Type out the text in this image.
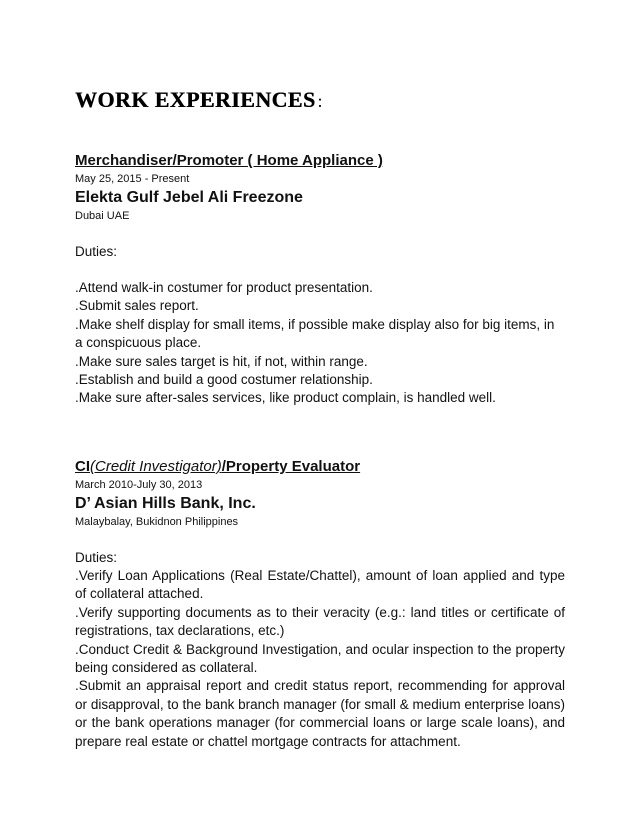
WORK EXPERIENCES :
Merchandiser/Promoter ( Home Appliance )
May 25, 2015 - Present
Elekta Gulf Jebel Ali Freezone
Dubai UAE
Duties:
.Attend walk-in costumer for product presentation.
.Submit sales report.
.Make shelf display for small items, if possible make display also for big items, in a conspicuous place.
.Make sure sales target is hit, if not, within range.
.Establish and build a good costumer relationship.
.Make sure after-sales services, like product complain, is handled well.
CI(Credit Investigator)/Property Evaluator
March 2010-July 30, 2013
D’ Asian Hills Bank, Inc.
Malaybalay, Bukidnon Philippines
Duties:
.Verify Loan Applications (Real Estate/Chattel), amount of loan applied and type of collateral attached.
.Verify supporting documents as to their veracity (e.g.: land titles or certificate of registrations, tax declarations, etc.)
.Conduct Credit & Background Investigation, and ocular inspection to the property being considered as collateral.
.Submit an appraisal report and credit status report, recommending for approval or disapproval, to the bank branch manager (for small & medium enterprise loans) or the bank operations manager (for commercial loans or large scale loans), and prepare real estate or chattel mortgage contracts for attachment.
